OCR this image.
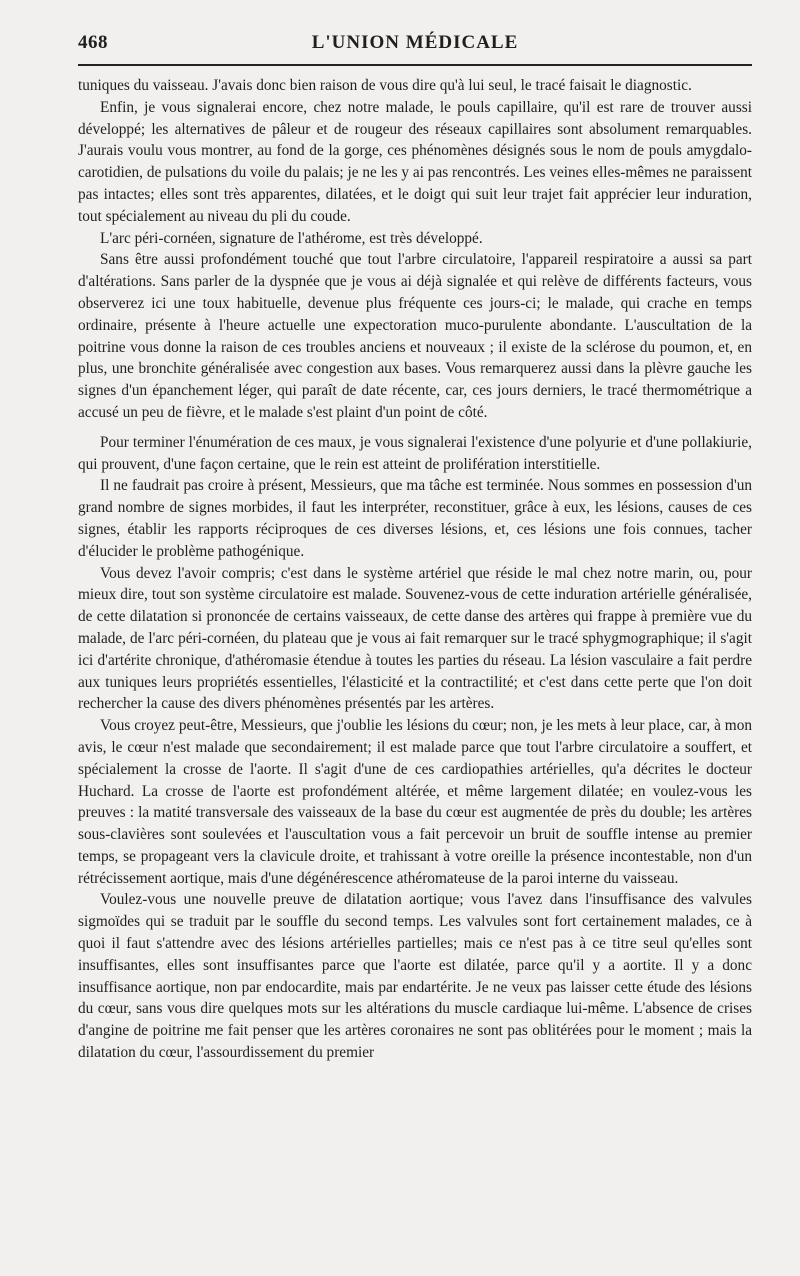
468	L'UNION MÉDICALE

tuniques du vaisseau. J'avais donc bien raison de vous dire qu'à lui seul, le tracé faisait le diagnostic.

Enfin, je vous signalerai encore, chez notre malade, le pouls capillaire, qu'il est rare de trouver aussi développé; les alternatives de pâleur et de rougeur des réseaux capillaires sont absolument remarquables. J'aurais voulu vous montrer, au fond de la gorge, ces phénomènes désignés sous le nom de pouls amygdalo-carotidien, de pulsations du voile du palais; je ne les y ai pas rencontrés. Les veines elles-mêmes ne paraissent pas intactes; elles sont très apparentes, dilatées, et le doigt qui suit leur trajet fait apprécier leur induration, tout spécialement au niveau du pli du coude.

L'arc péri-cornéen, signature de l'athérome, est très développé.

Sans être aussi profondément touché que tout l'arbre circulatoire, l'appareil respiratoire a aussi sa part d'altérations. Sans parler de la dyspnée que je vous ai déjà signalée et qui relève de différents facteurs, vous observerez ici une toux habituelle, devenue plus fréquente ces jours-ci; le malade, qui crache en temps ordinaire, présente à l'heure actuelle une expectoration muco-purulente abondante. L'auscultation de la poitrine vous donne la raison de ces troubles anciens et nouveaux ; il existe de la sclérose du poumon, et, en plus, une bronchite généralisée avec congestion aux bases. Vous remarquerez aussi dans la plèvre gauche les signes d'un épanchement léger, qui paraît de date récente, car, ces jours derniers, le tracé thermométrique a accusé un peu de fièvre, et le malade s'est plaint d'un point de côté.

Pour terminer l'énumération de ces maux, je vous signalerai l'existence d'une polyurie et d'une pollakiurie, qui prouvent, d'une façon certaine, que le rein est atteint de prolifération interstitielle.

Il ne faudrait pas croire à présent, Messieurs, que ma tâche est terminée. Nous sommes en possession d'un grand nombre de signes morbides, il faut les interpréter, reconstituer, grâce à eux, les lésions, causes de ces signes, établir les rapports réciproques de ces diverses lésions, et, ces lésions une fois connues, tacher d'élucider le problème pathogénique.

Vous devez l'avoir compris; c'est dans le système artériel que réside le mal chez notre marin, ou, pour mieux dire, tout son système circulatoire est malade. Souvenez-vous de cette induration artérielle généralisée, de cette dilatation si prononcée de certains vaisseaux, de cette danse des artères qui frappe à première vue du malade, de l'arc péri-cornéen, du plateau que je vous ai fait remarquer sur le tracé sphygmographique; il s'agit ici d'artérite chronique, d'athéromasie étendue à toutes les parties du réseau. La lésion vasculaire a fait perdre aux tuniques leurs propriétés essentielles, l'élasticité et la contractilité; et c'est dans cette perte que l'on doit rechercher la cause des divers phénomènes présentés par les artères.

Vous croyez peut-être, Messieurs, que j'oublie les lésions du cœur; non, je les mets à leur place, car, à mon avis, le cœur n'est malade que secondairement; il est malade parce que tout l'arbre circulatoire a souffert, et spécialement la crosse de l'aorte. Il s'agit d'une de ces cardiopathies artérielles, qu'a décrites le docteur Huchard. La crosse de l'aorte est profondément altérée, et même largement dilatée; en voulez-vous les preuves : la matité transversale des vaisseaux de la base du cœur est augmentée de près du double; les artères sous-clavières sont soulevées et l'auscultation vous a fait percevoir un bruit de souffle intense au premier temps, se propageant vers la clavicule droite, et trahissant à votre oreille la présence incontestable, non d'un rétrécissement aortique, mais d'une dégénérescence athéromateuse de la paroi interne du vaisseau.

Voulez-vous une nouvelle preuve de dilatation aortique; vous l'avez dans l'insuffisance des valvules sigmoïdes qui se traduit par le souffle du second temps. Les valvules sont fort certainement malades, ce à quoi il faut s'attendre avec des lésions artérielles partielles; mais ce n'est pas à ce titre seul qu'elles sont insuffisantes, elles sont insuffisantes parce que l'aorte est dilatée, parce qu'il y a aortite. Il y a donc insuffisance aortique, non par endocardite, mais par endartérite. Je ne veux pas laisser cette étude des lésions du cœur, sans vous dire quelques mots sur les altérations du muscle cardiaque lui-même. L'absence de crises d'angine de poitrine me fait penser que les artères coronaires ne sont pas oblitérées pour le moment ; mais la dilatation du cœur, l'assourdissement du premier
